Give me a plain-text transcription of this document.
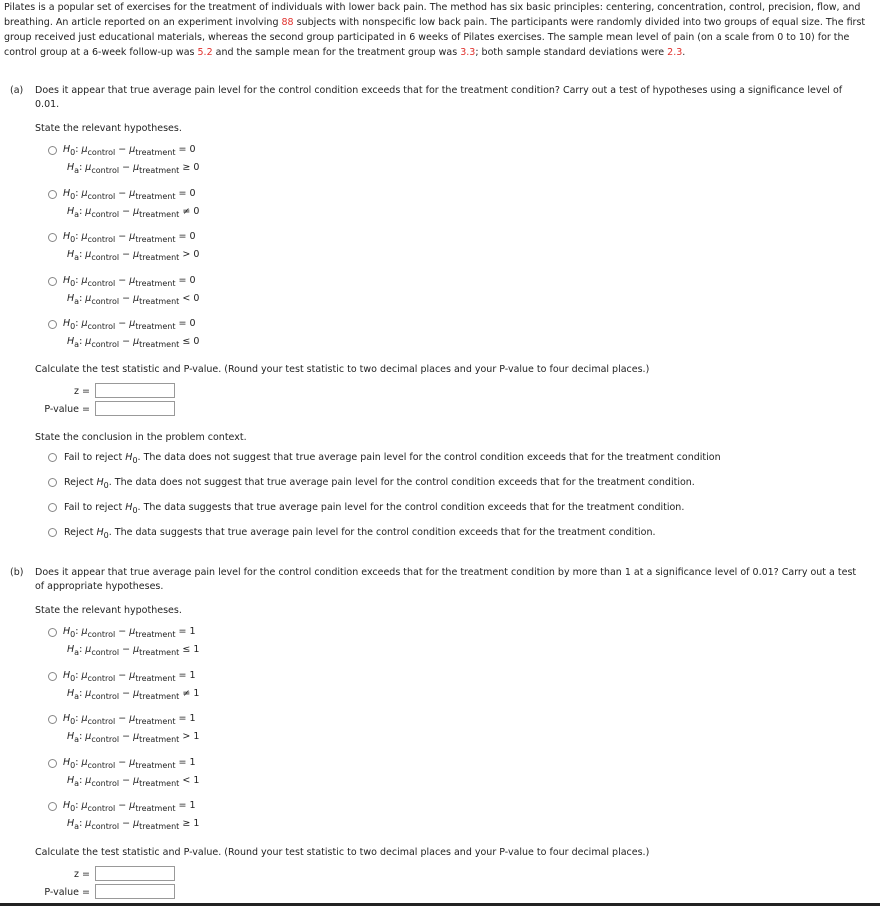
Pilates is a popular set of exercises for the treatment of individuals with lower back pain. The method has six basic principles: centering, concentration, control, precision, flow, and breathing. An article reported on an experiment involving 88 subjects with nonspecific low back pain. The participants were randomly divided into two groups of equal size. The first group received just educational materials, whereas the second group participated in 6 weeks of Pilates exercises. The sample mean level of pain (on a scale from 0 to 10) for the control group at a 6-week follow-up was 5.2 and the sample mean for the treatment group was 3.3; both sample standard deviations were 2.3.
(a) Does it appear that true average pain level for the control condition exceeds that for the treatment condition? Carry out a test of hypotheses using a significance level of 0.01.
State the relevant hypotheses.
$H_0$: $\mu_{control} - \mu_{treatment} = 0$
$H_a$: $\mu_{control} - \mu_{treatment} \ge 0$
$H_0$: $\mu_{control} - \mu_{treatment} = 0$
$H_a$: $\mu_{control} - \mu_{treatment} \ne 0$
$H_0$: $\mu_{control} - \mu_{treatment} = 0$
$H_a$: $\mu_{control} - \mu_{treatment} > 0$
$H_0$: $\mu_{control} - \mu_{treatment} = 0$
$H_a$: $\mu_{control} - \mu_{treatment} < 0$
$H_0$: $\mu_{control} - \mu_{treatment} = 0$
$H_a$: $\mu_{control} - \mu_{treatment} \le 0$
Calculate the test statistic and P-value. (Round your test statistic to two decimal places and your P-value to four decimal places.)
z =
P-value =
State the conclusion in the problem context.
Fail to reject $H_0$. The data does not suggest that true average pain level for the control condition exceeds that for the treatment condition
Reject $H_0$. The data does not suggest that true average pain level for the control condition exceeds that for the treatment condition.
Fail to reject $H_0$. The data suggests that true average pain level for the control condition exceeds that for the treatment condition.
Reject $H_0$. The data suggests that true average pain level for the control condition exceeds that for the treatment condition.
(b) Does it appear that true average pain level for the control condition exceeds that for the treatment condition by more than 1 at a significance level of 0.01? Carry out a test of appropriate hypotheses.
State the relevant hypotheses.
$H_0$: $\mu_{control} - \mu_{treatment} = 1$
$H_a$: $\mu_{control} - \mu_{treatment} \le 1$
$H_0$: $\mu_{control} - \mu_{treatment} = 1$
$H_a$: $\mu_{control} - \mu_{treatment} \ne 1$
$H_0$: $\mu_{control} - \mu_{treatment} = 1$
$H_a$: $\mu_{control} - \mu_{treatment} > 1$
$H_0$: $\mu_{control} - \mu_{treatment} = 1$
$H_a$: $\mu_{control} - \mu_{treatment} < 1$
$H_0$: $\mu_{control} - \mu_{treatment} = 1$
$H_a$: $\mu_{control} - \mu_{treatment} \ge 1$
Calculate the test statistic and P-value. (Round your test statistic to two decimal places and your P-value to four decimal places.)
z =
P-value =
